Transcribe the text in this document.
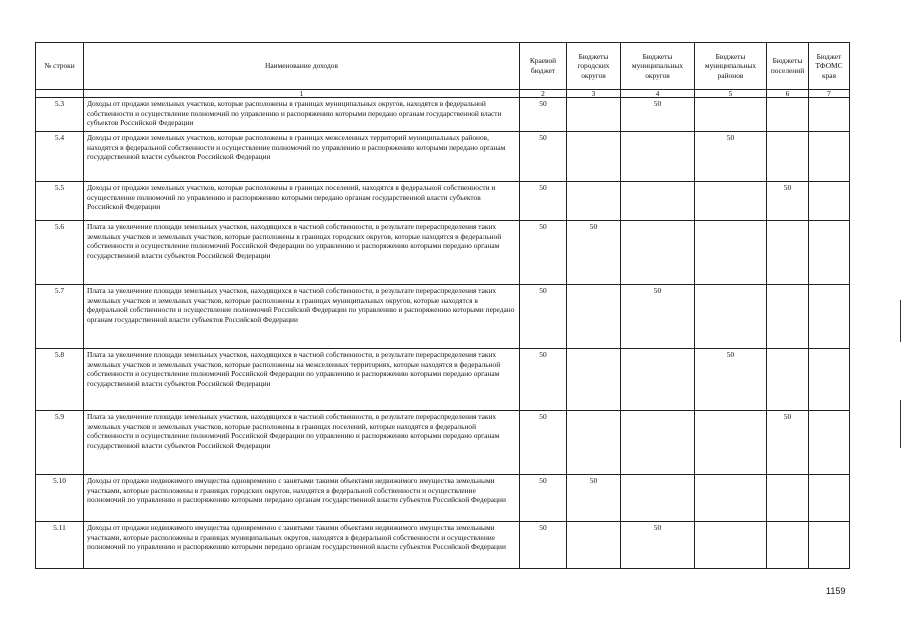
№ строки	Наименование доходов	Краевой бюджет	Бюджеты городских округов	Бюджеты муниципальных округов	Бюджеты муниципальных районов	Бюджеты поселений	Бюджет ТФОМС края
	1	2	3	4	5	6	7
5.3	Доходы от продажи земельных участков, которые расположены в границах муниципальных округов, находятся в федеральной собственности и осуществление полномочий по управлению и распоряжению которыми передано органам государственной власти субъектов Российской Федерации	50		50			
5.4	Доходы от продажи земельных участков, которые расположены в границах межселенных территорий муниципальных районов, находятся в федеральной собственности и осуществление полномочий по управлению и распоряжению которыми передано органам государственной власти субъектов Российской Федерации	50			50		
5.5	Доходы от продажи земельных участков, которые расположены в границах поселений, находятся в федеральной собственности и осуществление полномочий по управлению и распоряжению которыми передано органам государственной власти субъектов Российской Федерации	50				50	
5.6	Плата за увеличение площади земельных участков, находящихся в частной собственности, в результате перераспределения таких земельных участков и земельных участков, которые расположены в границах городских округов, которые находятся в федеральной собственности и осуществление полномочий Российской Федерации по управлению и распоряжению которыми передано органам государственной власти субъектов Российской Федерации	50	50				
5.7	Плата за увеличение площади земельных участков, находящихся в частной собственности, в результате перераспределения таких земельных участков и земельных участков, которые расположены в границах муниципальных округов, которые находятся в федеральной собственности и осуществление полномочий Российской Федерации по управлению и распоряжению которыми передано органам государственной власти субъектов Российской Федерации	50		50			
5.8	Плата за увеличение площади земельных участков, находящихся в частной собственности, в результате перераспределения таких земельных участков и земельных участков, которые расположены на межселенных территориях, которые находятся в федеральной собственности и осуществление полномочий Российской Федерации по управлению и распоряжению которыми передано органам государственной власти субъектов Российской Федерации	50			50		
5.9	Плата за увеличение площади земельных участков, находящихся в частной собственности, в результате перераспределения таких земельных участков и земельных участков, которые расположены в границах поселений, которые находятся в федеральной собственности и осуществление полномочий Российской Федерации по управлению и распоряжению которыми передано органам государственной власти субъектов Российской Федерации	50				50	
5.10	Доходы от продажи недвижимого имущества одновременно с занятыми такими объектами недвижимого имущества земельными участками, которые расположены в границах городских округов, находятся в федеральной собственности и осуществление полномочий по управлению и распоряжению которыми передано органам государственной власти субъектов Российской Федерации	50	50				
5.11	Доходы от продажи недвижимого имущества одновременно с занятыми такими объектами недвижимого имущества земельными участками, которые расположены в границах муниципальных округов, находятся в федеральной собственности и осуществление полномочий по управлению и распоряжению которыми передано органам государственной власти субъектов Российской Федерации	50		50			
1159
